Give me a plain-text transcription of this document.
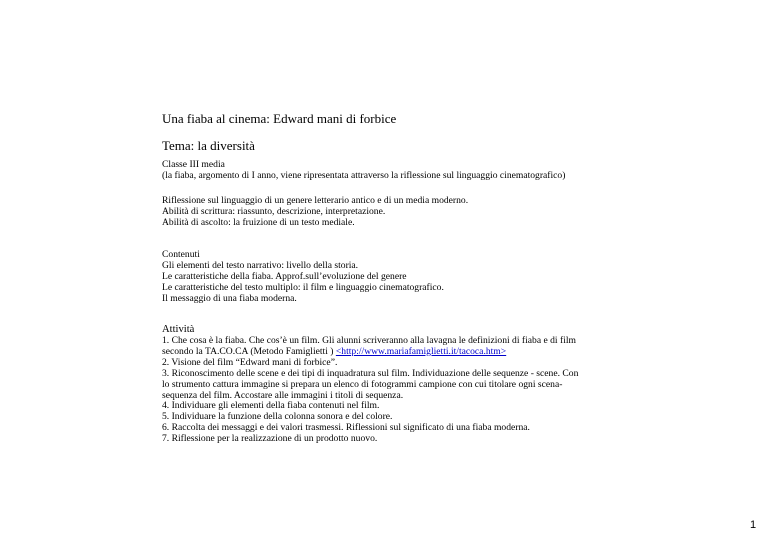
Una fiaba al cinema: Edward mani di forbice
Tema: la diversità
Classe III media
(la fiaba, argomento di I anno, viene ripresentata attraverso la riflessione sul linguaggio cinematografico)
Riflessione sul linguaggio di un genere letterario antico e di un media moderno.
Abilità di scrittura: riassunto, descrizione, interpretazione.
Abilità di ascolto: la fruizione di un testo mediale.
Contenuti
Gli elementi del testo narrativo: livello della storia.
Le caratteristiche della fiaba. Approf.sull’evoluzione del genere
Le caratteristiche del testo multiplo: il film e linguaggio cinematografico.
Il messaggio di una fiaba moderna.
Attività
1. Che cosa è la fiaba. Che cos’è un film. Gli alunni scriveranno alla lavagna le definizioni di fiaba e di film
secondo la TA.CO.CA (Metodo Famiglietti ) <http://www.mariafamiglietti.it/tacoca.htm>
2. Visione del film “Edward mani di forbice”.
3. Riconoscimento delle scene e dei tipi di inquadratura sul film. Individuazione delle sequenze - scene. Con
lo strumento cattura immagine si prepara un elenco di fotogrammi campione con cui titolare ogni scena-
sequenza del film. Accostare alle immagini i titoli di sequenza.
4. Individuare gli elementi della fiaba contenuti nel film.
5. Individuare la funzione della colonna sonora e del colore.
6. Raccolta dei messaggi e dei valori trasmessi. Riflessioni sul significato di una fiaba moderna.
7. Riflessione per la realizzazione di un prodotto nuovo.
1
